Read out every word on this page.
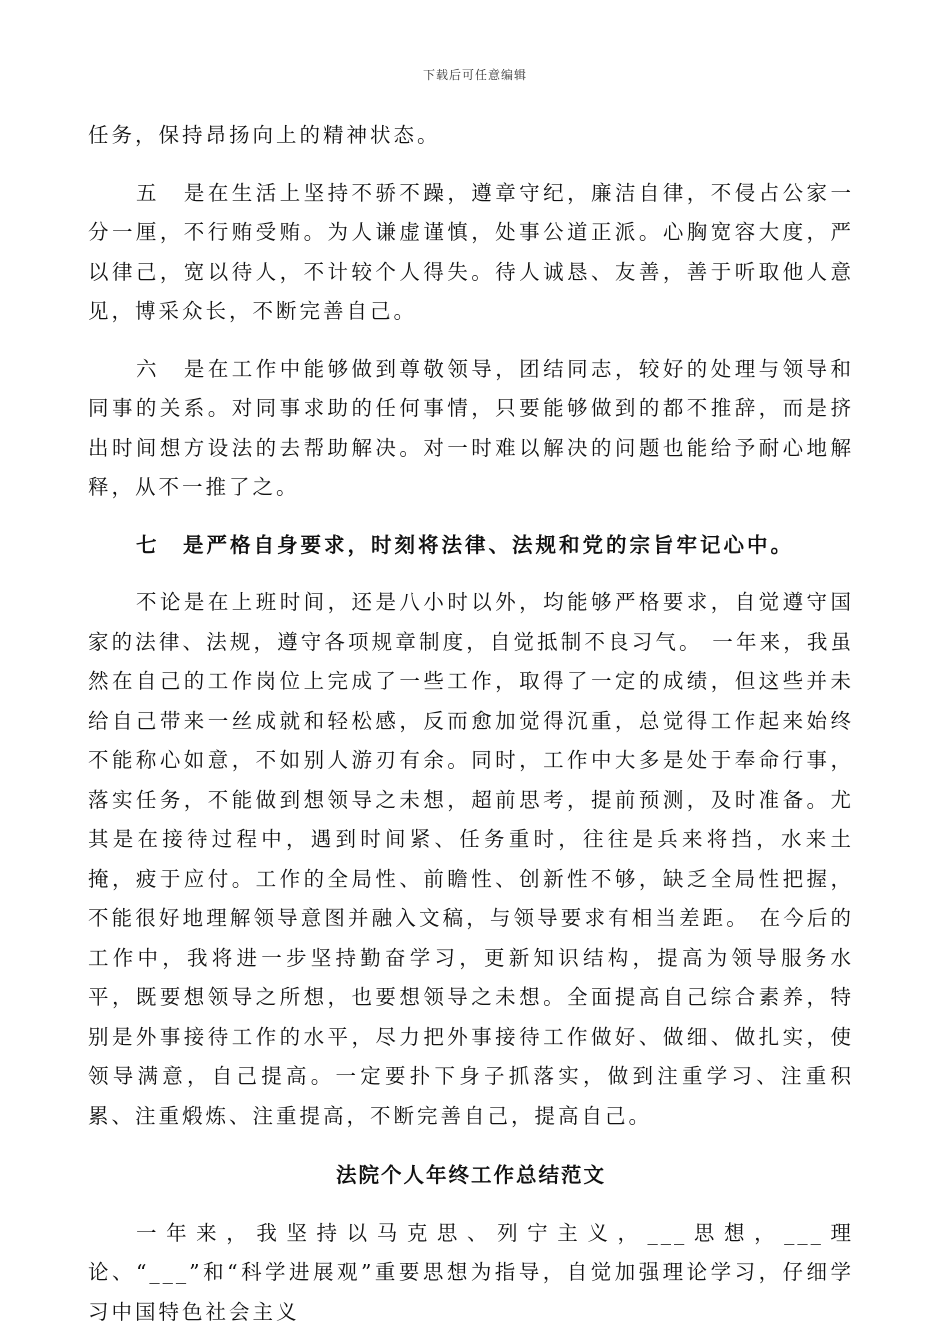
下载后可任意编辑

任务，保持昂扬向上的精神状态。

五　是在生活上坚持不骄不躁，遵章守纪，廉洁自律，不侵占公家一分一厘，不行贿受贿。为人谦虚谨慎，处事公道正派。心胸宽容大度，严以律己，宽以待人，不计较个人得失。待人诚恳、友善，善于听取他人意见，博采众长，不断完善自己。

六　是在工作中能够做到尊敬领导，团结同志，较好的处理与领导和同事的关系。对同事求助的任何事情，只要能够做到的都不推辞，而是挤出时间想方设法的去帮助解决。对一时难以解决的问题也能给予耐心地解释，从不一推了之。

七　是严格自身要求，时刻将法律、法规和党的宗旨牢记心中。

不论是在上班时间，还是八小时以外，均能够严格要求，自觉遵守国家的法律、法规，遵守各项规章制度，自觉抵制不良习气。 一年来，我虽然在自己的工作岗位上完成了一些工作，取得了一定的成绩，但这些并未给自己带来一丝成就和轻松感，反而愈加觉得沉重，总觉得工作起来始终不能称心如意，不如别人游刃有余。同时，工作中大多是处于奉命行事，落实任务，不能做到想领导之未想，超前思考，提前预测，及时准备。尤其是在接待过程中，遇到时间紧、任务重时，往往是兵来将挡，水来土掩，疲于应付。工作的全局性、前瞻性、创新性不够，缺乏全局性把握，不能很好地理解领导意图并融入文稿，与领导要求有相当差距。 在今后的工作中，我将进一步坚持勤奋学习，更新知识结构，提高为领导服务水平，既要想领导之所想，也要想领导之未想。全面提高自己综合素养，特别是外事接待工作的水平，尽力把外事接待工作做好、做细、做扎实，使领导满意，自己提高。一定要扑下身子抓落实，做到注重学习、注重积累、注重煅炼、注重提高，不断完善自己，提高自己。

法院个人年终工作总结范文

一年来，我坚持以马克思、列宁主义，___思想，___理论、“___”和“科学进展观”重要思想为指导，自觉加强理论学习，仔细学习中国特色社会主义
